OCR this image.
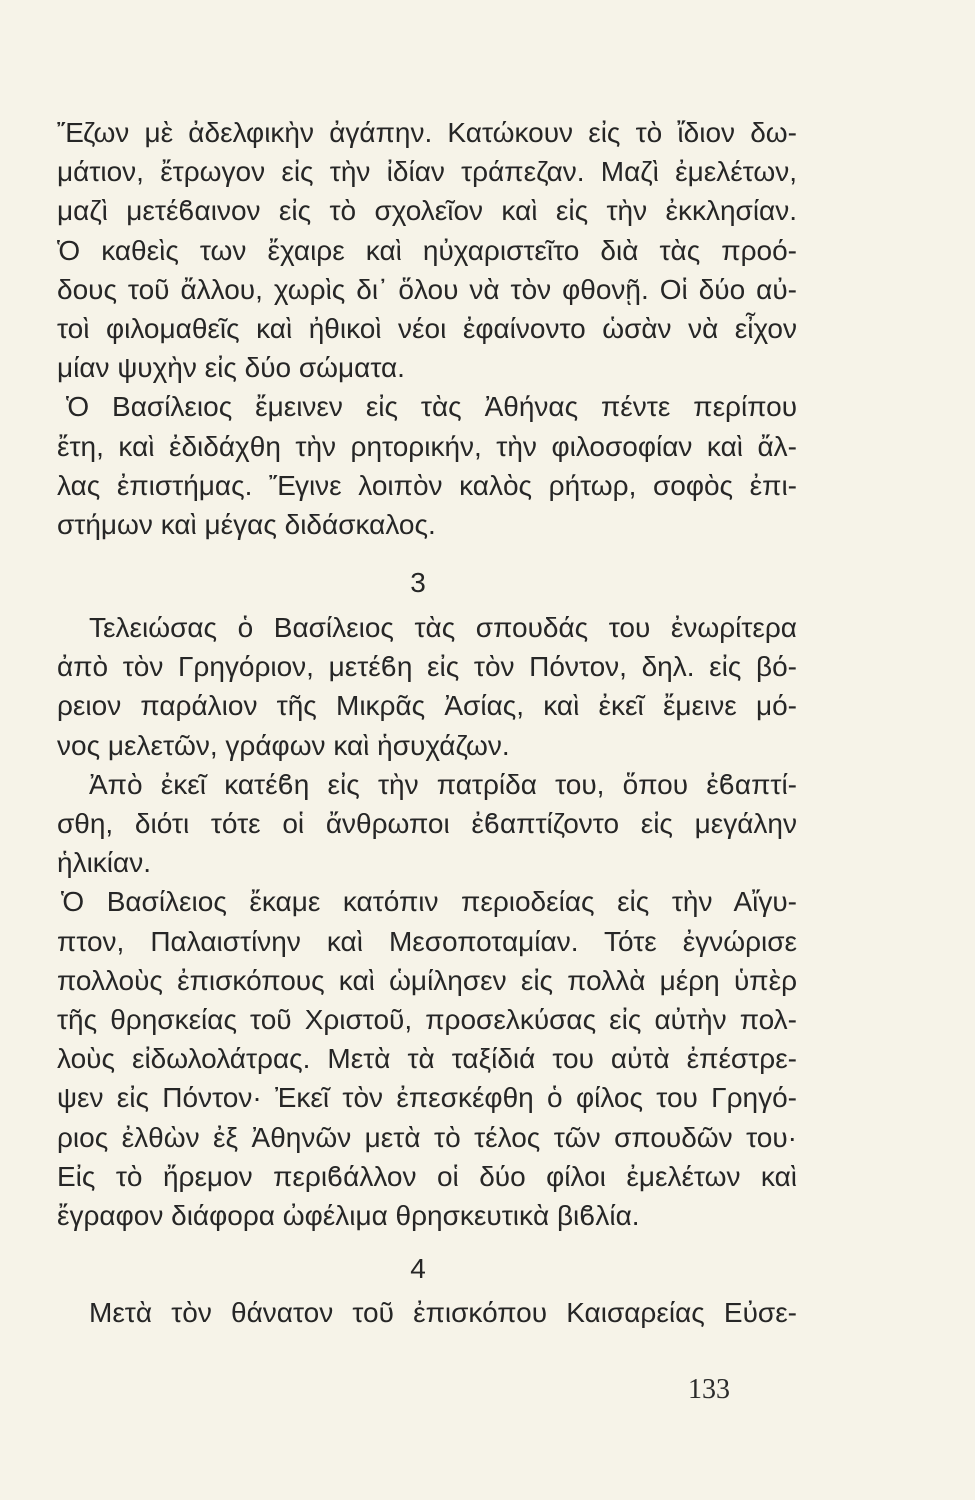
Ἔζων μὲ ἀδελφικὴν ἀγάπην. Κατώκουν εἰς τὸ ἴδιον δω-
μάτιον, ἔτρωγον εἰς τὴν ἰδίαν τράπεζαν. Μαζὶ ἐμελέτων,
μαζὶ μετέϐαινον εἰς τὸ σχολεῖον καὶ εἰς τὴν ἐκκλησίαν.
Ὁ καθεὶς των ἔχαιρε καὶ ηὐχαριστεῖτο διὰ τὰς προό-
δους τοῦ ἄλλου, χωρὶς δι᾿ ὅλου νὰ τὸν φθονῇ. Οἱ δύο αὐ-
τοὶ φιλομαθεῖς καὶ ἠθικοὶ νέοι ἐφαίνοντο ὡσὰν νὰ εἶχον
μίαν ψυχὴν εἰς δύο σώματα.
Ὁ Βασίλειος ἔμεινεν εἰς τὰς Ἀθήνας πέντε περίπου
ἔτη, καὶ ἐδιδάχθη τὴν ρητορικήν, τὴν φιλοσοφίαν καὶ ἄλ-
λας ἐπιστήμας. Ἔγινε λοιπὸν καλὸς ρήτωρ, σοφὸς ἐπι-
στήμων καὶ μέγας διδάσκαλος.
3
Τελειώσας ὁ Βασίλειος τὰς σπουδάς του ἐνωρίτερα
ἀπὸ τὸν Γρηγόριον, μετέϐη εἰς τὸν Πόντον, δηλ. εἰς βό-
ρειον παράλιον τῆς Μικρᾶς Ἀσίας, καὶ ἐκεῖ ἔμεινε μό-
νος μελετῶν, γράφων καὶ ἡσυχάζων.
Ἀπὸ ἐκεῖ κατέϐη εἰς τὴν πατρίδα του, ὅπου ἐϐαπτί-
σθη, διότι τότε οἱ ἄνθρωποι ἐϐαπτίζοντο εἰς μεγάλην
ἡλικίαν.
Ὁ Βασίλειος ἔκαμε κατόπιν περιοδείας εἰς τὴν Αἴγυ-
πτον, Παλαιστίνην καὶ Μεσοποταμίαν. Τότε ἐγνώρισε
πολλοὺς ἐπισκόπους καὶ ὡμίλησεν εἰς πολλὰ μέρη ὑπὲρ
τῆς θρησκείας τοῦ Χριστοῦ, προσελκύσας εἰς αὐτὴν πολ-
λοὺς εἰδωλολάτρας. Μετὰ τὰ ταξίδιά του αὐτὰ ἐπέστρε-
ψεν εἰς Πόντον· Ἐκεῖ τὸν ἐπεσκέφθη ὁ φίλος του Γρηγό-
ριος ἐλθὼν ἐξ Ἀθηνῶν μετὰ τὸ τέλος τῶν σπουδῶν του·
Εἰς τὸ ἤρεμον περιϐάλλον οἱ δύο φίλοι ἐμελέτων καὶ
ἔγραφον διάφορα ὠφέλιμα θρησκευτικὰ βιϐλία.
4
Μετὰ τὸν θάνατον τοῦ ἐπισκόπου Καισαρείας Εὐσε-
133
